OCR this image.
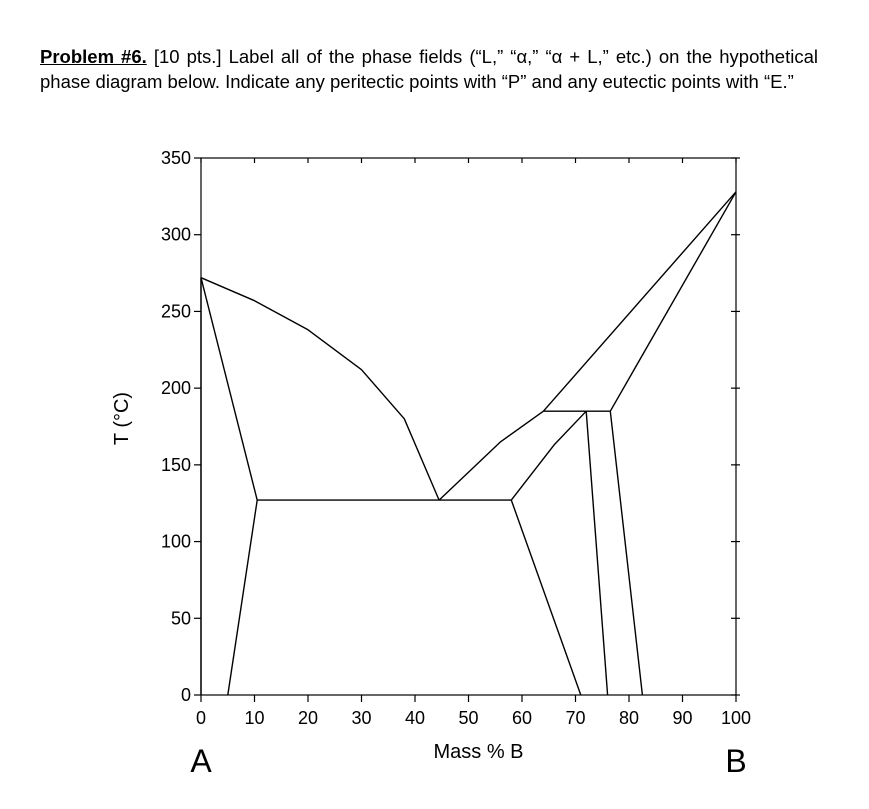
Problem #6. [10 pts.] Label all of the phase fields (“L,” “α,” “α + L,” etc.) on the hypothetical phase diagram below. Indicate any peritectic points with “P” and any eutectic points with “E.”
0 10 20 30 40 50 60 70 80 90 100
0
50
100
150
200
250
300
350
Mass % B
T (°C)
A	B
